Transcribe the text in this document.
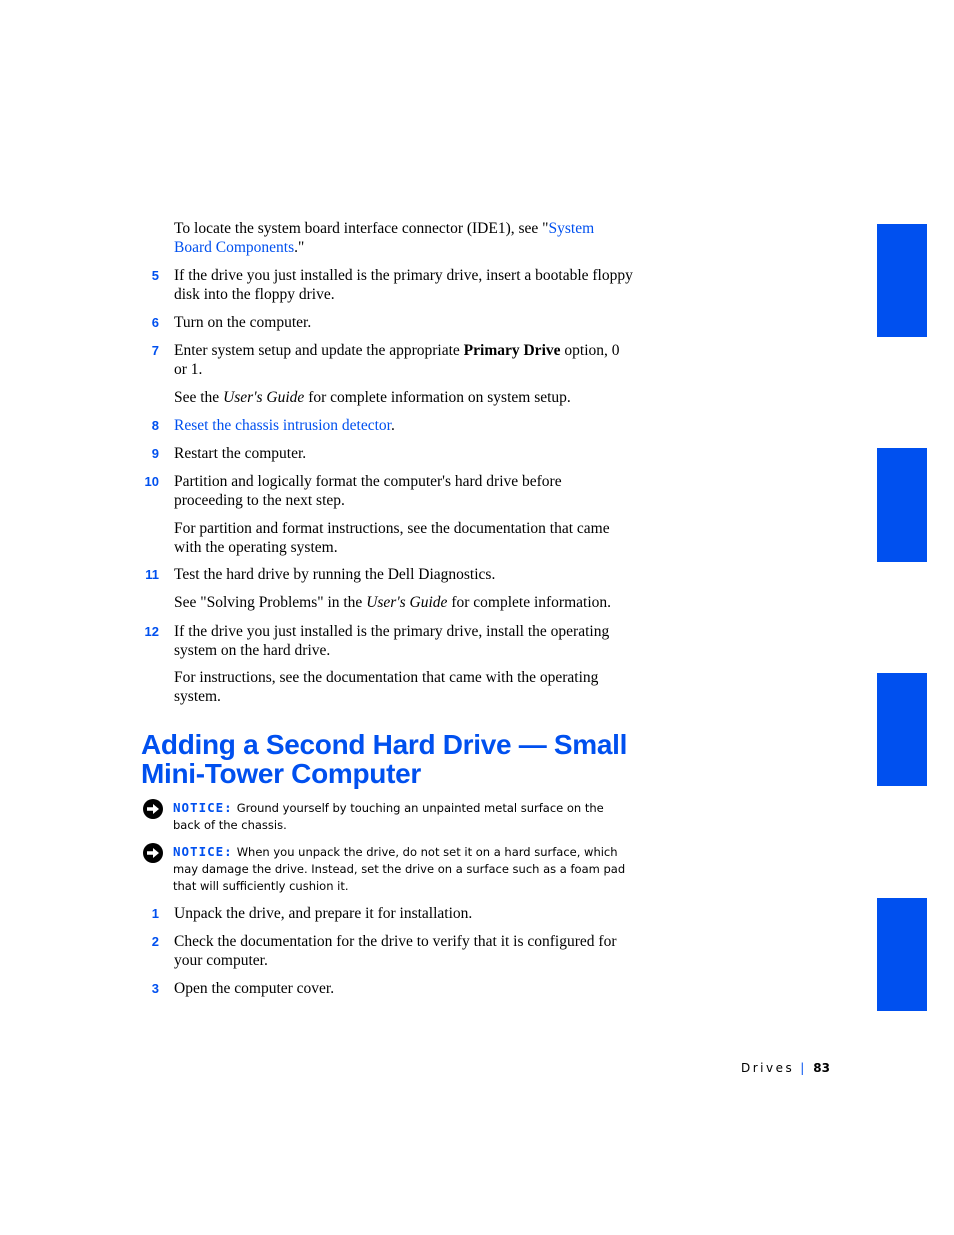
To locate the system board interface connector (IDE1), see "System Board Components."

5 If the drive you just installed is the primary drive, insert a bootable floppy disk into the floppy drive.

6 Turn on the computer.

7 Enter system setup and update the appropriate Primary Drive option, 0 or 1.

See the User's Guide for complete information on system setup.

8 Reset the chassis intrusion detector.

9 Restart the computer.

10 Partition and logically format the computer's hard drive before proceeding to the next step.

For partition and format instructions, see the documentation that came with the operating system.

11 Test the hard drive by running the Dell Diagnostics.

See "Solving Problems" in the User's Guide for complete information.

12 If the drive you just installed is the primary drive, install the operating system on the hard drive.

For instructions, see the documentation that came with the operating system.

Adding a Second Hard Drive — Small Mini-Tower Computer

NOTICE: Ground yourself by touching an unpainted metal surface on the back of the chassis.

NOTICE: When you unpack the drive, do not set it on a hard surface, which may damage the drive. Instead, set the drive on a surface such as a foam pad that will sufficiently cushion it.

1 Unpack the drive, and prepare it for installation.

2 Check the documentation for the drive to verify that it is configured for your computer.

3 Open the computer cover.

Drives | 83
